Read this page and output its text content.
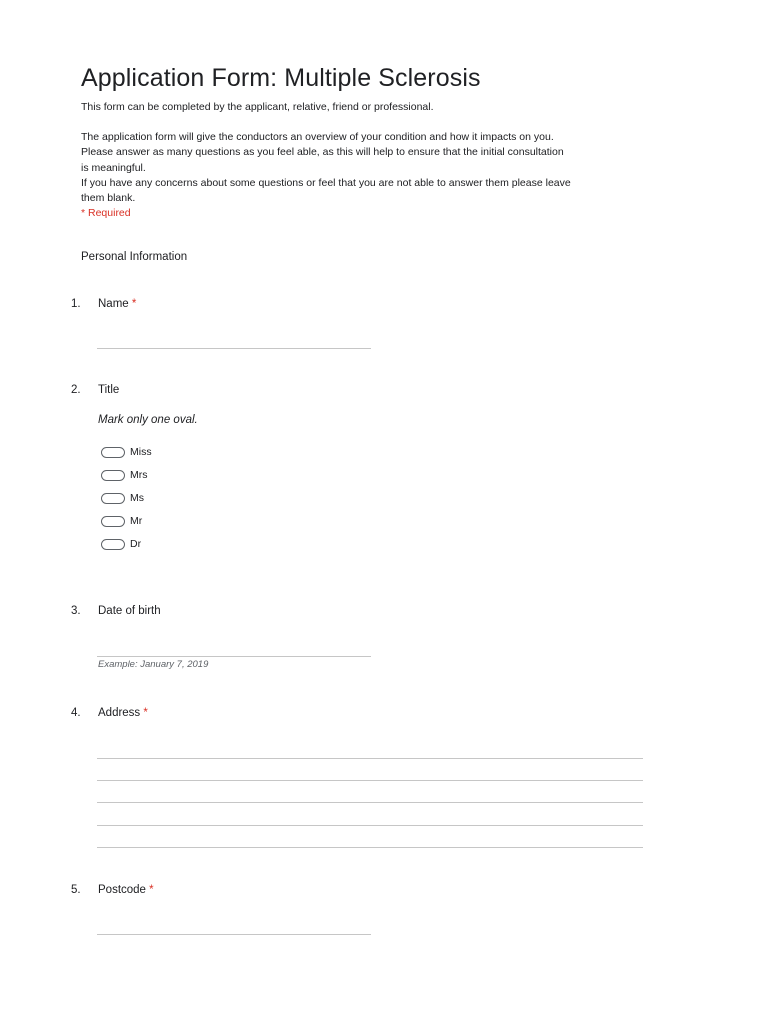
Application Form: Multiple Sclerosis

This form can be completed by the applicant, relative, friend or professional.

The application form will give the conductors an overview of your condition and how it impacts on you.

Please answer as many questions as you feel able, as this will help to ensure that the initial consultation

is meaningful.

If you have any concerns about some questions or feel that you are not able to answer them please leave

them blank.

* Required

Personal Information
1. Name *
2. Title
Mark only one oval.
Miss
Mrs
Ms
Mr
Dr
3. Date of birth
Example: January 7, 2019
4. Address *
5. Postcode *
